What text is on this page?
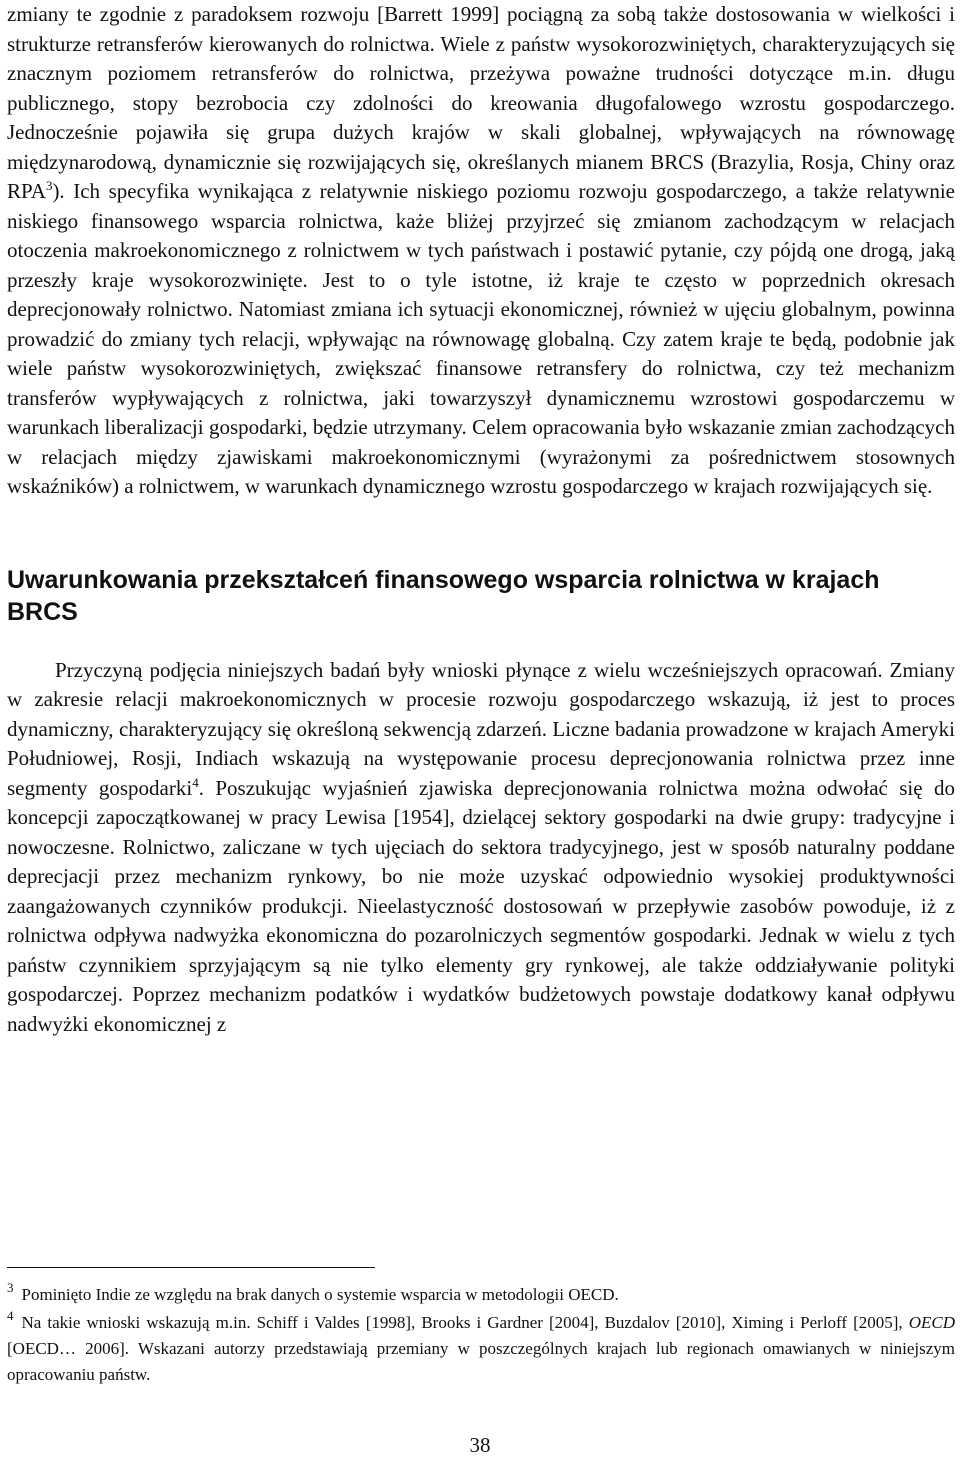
zmiany te zgodnie z paradoksem rozwoju [Barrett 1999] pociągną za sobą także dostosowania w wielkości i strukturze retransferów kierowanych do rolnictwa. Wiele z państw wysokorozwiniętych, charakteryzujących się znacznym poziomem retransferów do rolnictwa, przeżywa poważne trudności dotyczące m.in. długu publicznego, stopy bezrobocia czy zdolności do kreowania długofalowego wzrostu gospodarczego. Jednocześnie pojawiła się grupa dużych krajów w skali globalnej, wpływających na równowagę międzynarodową, dynamicznie się rozwijających się, określanych mianem BRCS (Brazylia, Rosja, Chiny oraz RPA$^3$). Ich specyfika wynikająca z relatywnie niskiego poziomu rozwoju gospodarczego, a także relatywnie niskiego finansowego wsparcia rolnictwa, każe bliżej przyjrzeć się zmianom zachodzącym w relacjach otoczenia makroekonomicznego z rolnictwem w tych państwach i postawić pytanie, czy pójdą one drogą, jaką przeszły kraje wysokorozwinięte. Jest to o tyle istotne, iż kraje te często w poprzednich okresach deprecjonowały rolnictwo. Natomiast zmiana ich sytuacji ekonomicznej, również w ujęciu globalnym, powinna prowadzić do zmiany tych relacji, wpływając na równowagę globalną. Czy zatem kraje te będą, podobnie jak wiele państw wysokorozwiniętych, zwiększać finansowe retransfery do rolnictwa, czy też mechanizm transferów wypływających z rolnictwa, jaki towarzyszył dynamicznemu wzrostowi gospodarczemu w warunkach liberalizacji gospodarki, będzie utrzymany. Celem opracowania było wskazanie zmian zachodzących w relacjach między zjawiskami makroekonomicznymi (wyrażonymi za pośrednictwem stosownych wskaźników) a rolnictwem, w warunkach dynamicznego wzrostu gospodarczego w krajach rozwijających się.

Uwarunkowania przekształceń finansowego wsparcia rolnictwa w krajach BRCS

Przyczyną podjęcia niniejszych badań były wnioski płynące z wielu wcześniejszych opracowań. Zmiany w zakresie relacji makroekonomicznych w procesie rozwoju gospodarczego wskazują, iż jest to proces dynamiczny, charakteryzujący się określoną sekwencją zdarzeń. Liczne badania prowadzone w krajach Ameryki Południowej, Rosji, Indiach wskazują na występowanie procesu deprecjonowania rolnictwa przez inne segmenty gospodarki$^4$. Poszukując wyjaśnień zjawiska deprecjonowania rolnictwa można odwołać się do koncepcji zapoczątkowanej w pracy Lewisa [1954], dzielącej sektory gospodarki na dwie grupy: tradycyjne i nowoczesne. Rolnictwo, zaliczane w tych ujęciach do sektora tradycyjnego, jest w sposób naturalny poddane deprecjacji przez mechanizm rynkowy, bo nie może uzyskać odpowiednio wysokiej produktywności zaangażowanych czynników produkcji. Nieelastyczność dostosowań w przepływie zasobów powoduje, iż z rolnictwa odpływa nadwyżka ekonomiczna do pozarolniczych segmentów gospodarki. Jednak w wielu z tych państw czynnikiem sprzyjającym są nie tylko elementy gry rynkowej, ale także oddziaływanie polityki gospodarczej. Poprzez mechanizm podatków i wydatków budżetowych powstaje dodatkowy kanał odpływu nadwyżki ekonomicznej z

$^3$ Pominięto Indie ze względu na brak danych o systemie wsparcia w metodologii OECD.

$^4$ Na takie wnioski wskazują m.in. Schiff i Valdes [1998], Brooks i Gardner [2004], Buzdalov [2010], Ximing i Perloff [2005], OECD [OECD… 2006]. Wskazani autorzy przedstawiają przemiany w poszczególnych krajach lub regionach omawianych w niniejszym opracowaniu państw.

38
